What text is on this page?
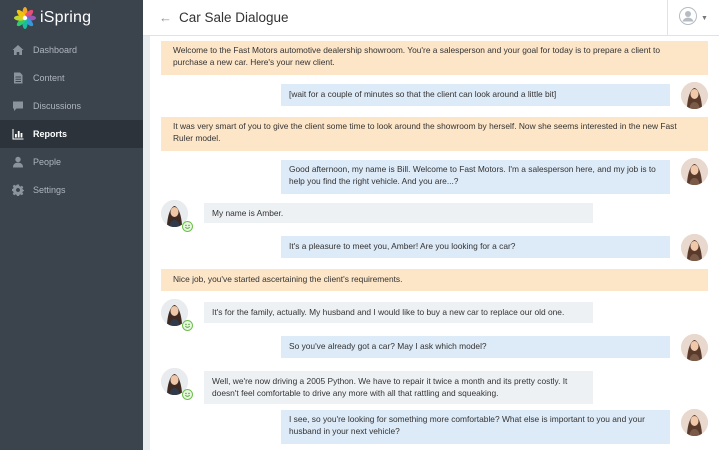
iSpring
Dashboard
Content
Discussions
Reports
People
Settings
← Car Sale Dialogue	▼
Welcome to the Fast Motors automotive dealership showroom. You're a salesperson and your goal for today is to prepare a client to purchase a new car. Here's your new client.
[wait for a couple of minutes so that the client can look around a little bit]
It was very smart of you to give the client some time to look around the showroom by herself. Now she seems interested in the new Fast Ruler model.
Good afternoon, my name is Bill. Welcome to Fast Motors. I'm a salesperson here, and my job is to help you find the right vehicle. And you are...?
My name is Amber.
It's a pleasure to meet you, Amber! Are you looking for a car?
Nice job, you've started ascertaining the client's requirements.
It's for the family, actually. My husband and I would like to buy a new car to replace our old one.
So you've already got a car? May I ask which model?
Well, we're now driving a 2005 Python. We have to repair it twice a month and its pretty costly. It doesn't feel comfortable to drive any more with all that rattling and squeaking.
I see, so you're looking for something more comfortable? What else is important to you and your husband in your next vehicle?
